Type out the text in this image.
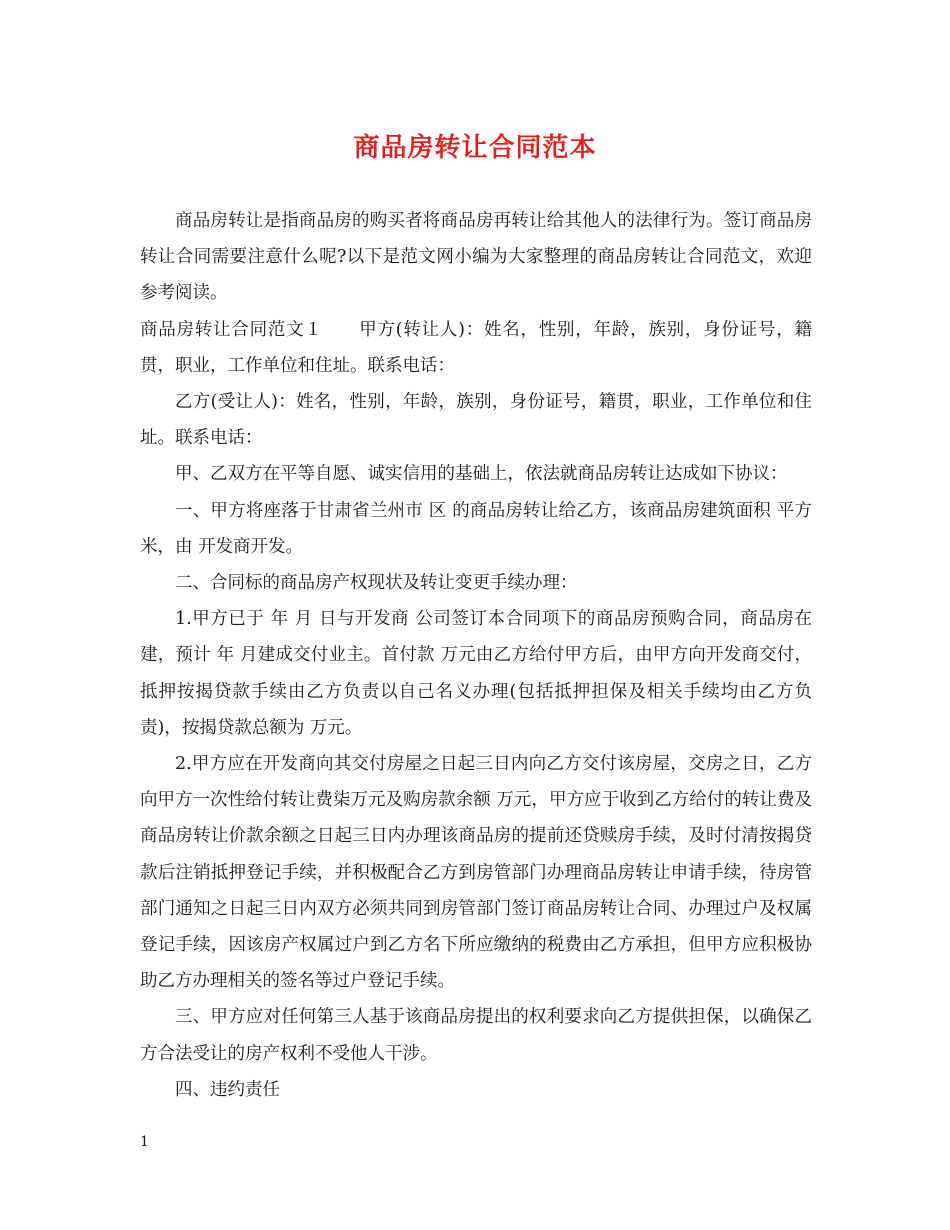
商品房转让合同范本

商品房转让是指商品房的购买者将商品房再转让给其他人的法律行为。签订商品房转让合同需要注意什么呢?以下是范文网小编为大家整理的商品房转让合同范文，欢迎参考阅读。

商品房转让合同范文１　　甲方(转让人)：姓名，性别，年龄，族别，身份证号，籍贯，职业，工作单位和住址。联系电话：

乙方(受让人)：姓名，性别，年龄，族别，身份证号，籍贯，职业，工作单位和住址。联系电话：

甲、乙双方在平等自愿、诚实信用的基础上，依法就商品房转让达成如下协议：

一、甲方将座落于甘肃省兰州市 区 的商品房转让给乙方，该商品房建筑面积 平方米，由 开发商开发。

二、合同标的商品房产权现状及转让变更手续办理：

1.甲方已于 年 月 日与开发商 公司签订本合同项下的商品房预购合同，商品房在建，预计 年 月建成交付业主。首付款 万元由乙方给付甲方后，由甲方向开发商交付，抵押按揭贷款手续由乙方负责以自己名义办理(包括抵押担保及相关手续均由乙方负责)，按揭贷款总额为 万元。

2.甲方应在开发商向其交付房屋之日起三日内向乙方交付该房屋，交房之日，乙方向甲方一次性给付转让费柒万元及购房款余额 万元，甲方应于收到乙方给付的转让费及商品房转让价款余额之日起三日内办理该商品房的提前还贷赎房手续，及时付清按揭贷款后注销抵押登记手续，并积极配合乙方到房管部门办理商品房转让申请手续，待房管部门通知之日起三日内双方必须共同到房管部门签订商品房转让合同、办理过户及权属登记手续，因该房产权属过户到乙方名下所应缴纳的税费由乙方承担，但甲方应积极协助乙方办理相关的签名等过户登记手续。

三、甲方应对任何第三人基于该商品房提出的权利要求向乙方提供担保，以确保乙方合法受让的房产权利不受他人干涉。

四、违约责任

1
